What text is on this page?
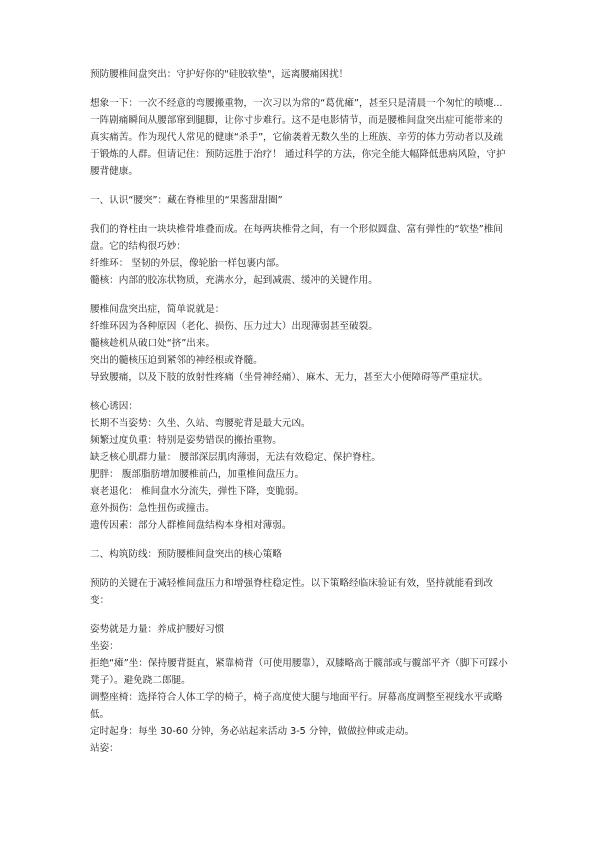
预防腰椎间盘突出：守护好你的"硅胶软垫"，远离腰痛困扰！

想象一下：一次不经意的弯腰搬重物，一次习以为常的“葛优瘫”，甚至只是清晨一个匆忙的喷嚏...一阵剧痛瞬间从腰部窜到腿脚，让你寸步难行。这不是电影情节，而是腰椎间盘突出症可能带来的真实痛苦。作为现代人常见的健康“杀手”，它偷袭着无数久坐的上班族、辛劳的体力劳动者以及疏于锻炼的人群。但请记住：预防远胜于治疗！ 通过科学的方法，你完全能大幅降低患病风险，守护腰背健康。

一、认识“腰突”：藏在脊椎里的“果酱甜甜圈”

我们的脊柱由一块块椎骨堆叠而成。在每两块椎骨之间，有一个形似圆盘、富有弹性的“软垫”椎间盘。它的结构很巧妙：

纤维环： 坚韧的外层，像轮胎一样包裹内部。

髓核：内部的胶冻状物质，充满水分，起到减震、缓冲的关键作用。

腰椎间盘突出症，简单说就是：

纤维环因为各种原因（老化、损伤、压力过大）出现薄弱甚至破裂。

髓核趁机从破口处“挤”出来。

突出的髓核压迫到紧邻的神经根或脊髓。

导致腰痛，以及下肢的放射性疼痛（坐骨神经痛）、麻木、无力，甚至大小便障碍等严重症状。

核心诱因：

长期不当姿势：久坐、久站、弯腰驼背是最大元凶。

频繁过度负重：特别是姿势错误的搬抬重物。

缺乏核心肌群力量： 腰部深层肌肉薄弱，无法有效稳定、保护脊柱。

肥胖： 腹部脂肪增加腰椎前凸，加重椎间盘压力。

衰老退化： 椎间盘水分流失，弹性下降，变脆弱。

意外损伤：急性扭伤或撞击。

遗传因素：部分人群椎间盘结构本身相对薄弱。

二、构筑防线：预防腰椎间盘突出的核心策略

预防的关键在于减轻椎间盘压力和增强脊柱稳定性。以下策略经临床验证有效，坚持就能看到改变：

姿势就是力量：养成护腰好习惯

坐姿：

拒绝“瘫”坐：保持腰背挺直，紧靠椅背（可使用腰靠），双膝略高于髋部或与髋部平齐（脚下可踩小凳子）。避免跷二郎腿。

调整座椅：选择符合人体工学的椅子，椅子高度使大腿与地面平行。屏幕高度调整至视线水平或略低。

定时起身：每坐 30-60 分钟，务必站起来活动 3-5 分钟，做做拉伸或走动。

站姿：
